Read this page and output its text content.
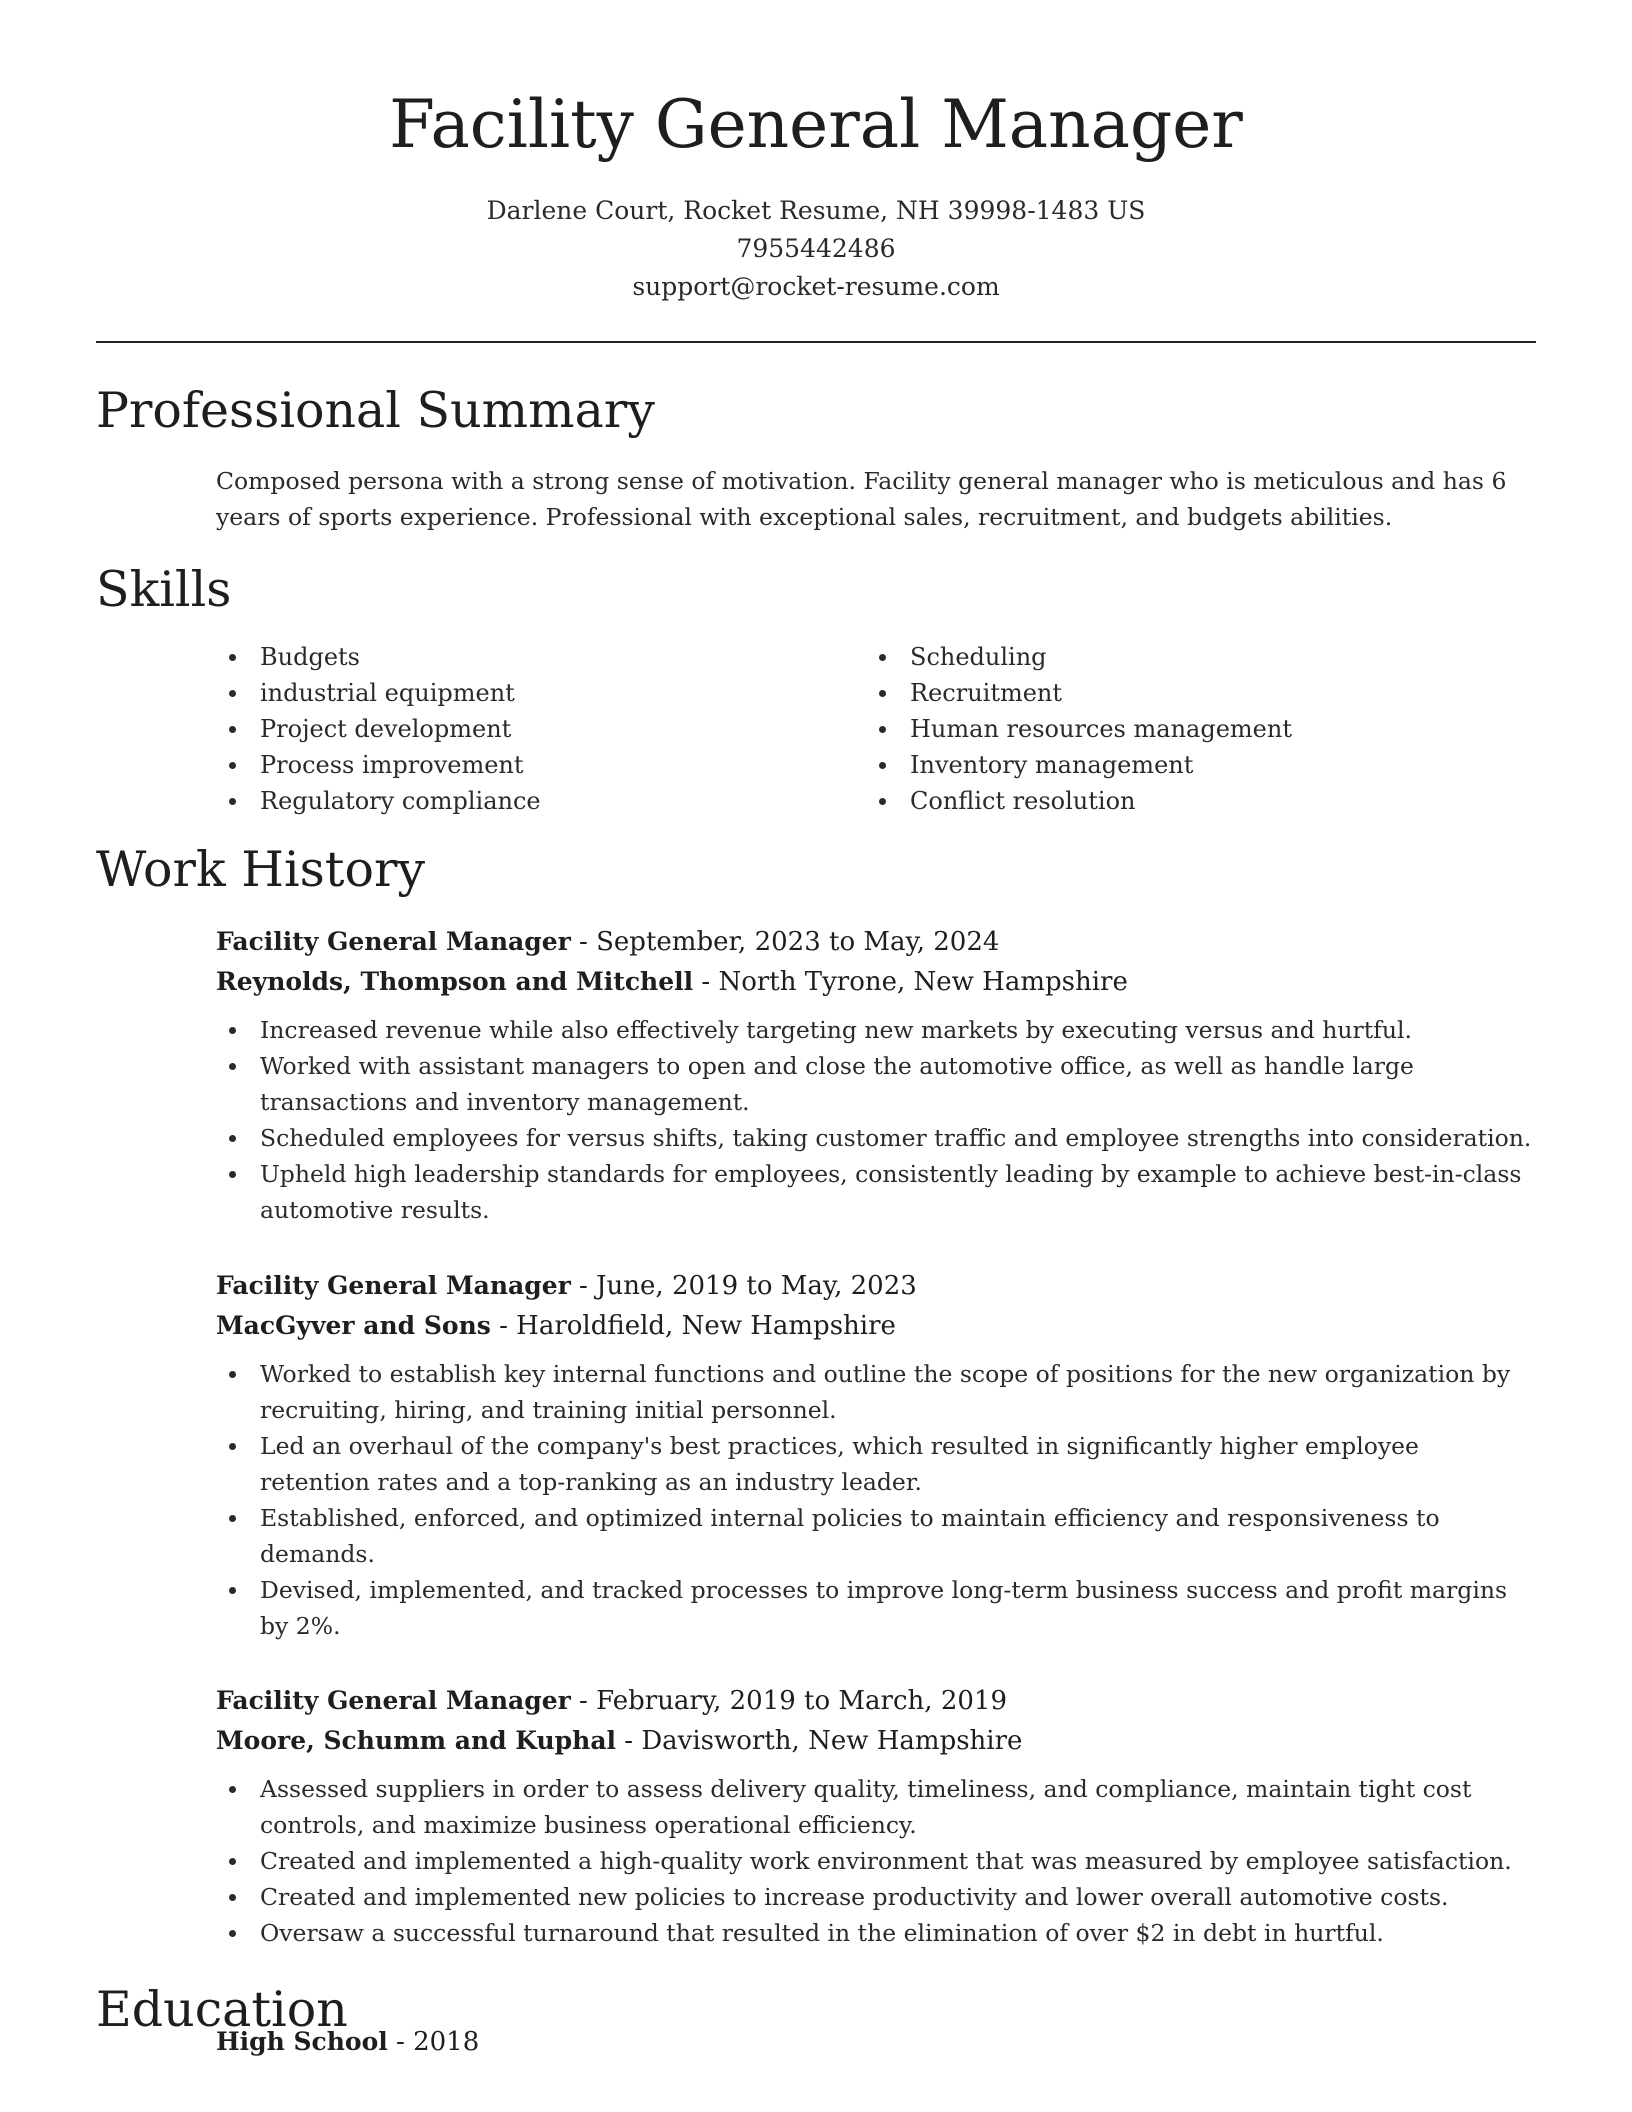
Facility General Manager
Darlene Court, Rocket Resume, NH 39998-1483 US
7955442486
support@rocket-resume.com
Professional Summary

Composed persona with a strong sense of motivation. Facility general manager who is meticulous and has 6 years of sports experience. Professional with exceptional sales, recruitment, and budgets abilities.

Skills
Budgets
industrial equipment
Project development
Process improvement
Regulatory compliance
Scheduling
Recruitment
Human resources management
Inventory management
Conflict resolution
Work History
Facility General Manager - September, 2023 to May, 2024
Reynolds, Thompson and Mitchell - North Tyrone, New Hampshire
Increased revenue while also effectively targeting new markets by executing versus and hurtful.
Worked with assistant managers to open and close the automotive office, as well as handle large transactions and inventory management.
Scheduled employees for versus shifts, taking customer traffic and employee strengths into consideration.
Upheld high leadership standards for employees, consistently leading by example to achieve best-in-class automotive results.
Facility General Manager - June, 2019 to May, 2023
MacGyver and Sons - Haroldfield, New Hampshire
Worked to establish key internal functions and outline the scope of positions for the new organization by recruiting, hiring, and training initial personnel.
Led an overhaul of the company's best practices, which resulted in significantly higher employee retention rates and a top-ranking as an industry leader.
Established, enforced, and optimized internal policies to maintain efficiency and responsiveness to demands.
Devised, implemented, and tracked processes to improve long-term business success and profit margins by 2%.
Facility General Manager - February, 2019 to March, 2019
Moore, Schumm and Kuphal - Davisworth, New Hampshire
Assessed suppliers in order to assess delivery quality, timeliness, and compliance, maintain tight cost controls, and maximize business operational efficiency.
Created and implemented a high-quality work environment that was measured by employee satisfaction.
Created and implemented new policies to increase productivity and lower overall automotive costs.
Oversaw a successful turnaround that resulted in the elimination of over $2 in debt in hurtful.
Education
High School - 2018
